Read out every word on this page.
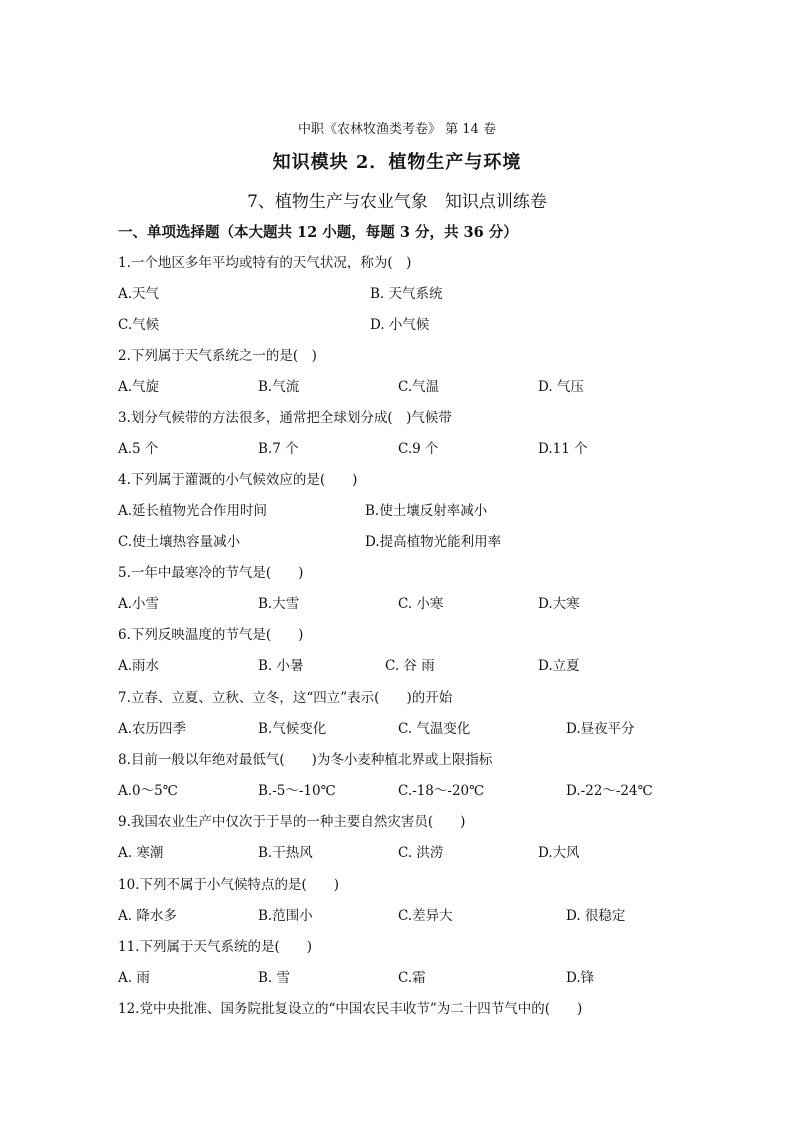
中职《农林牧渔类考卷》 第 14 卷
知识模块 2．植物生产与环境
7、植物生产与农业气象　知识点训练卷
一、单项选择题（本大题共 12 小题，每题 3 分，共 36 分）
1.一个地区多年平均或特有的天气状况，称为(　)
A.天气	B. 天气系统
C.气候	D. 小气候
2.下列属于天气系统之一的是(　)
A.气旋	B.气流	C.气温	D. 气压
3.划分气候带的方法很多，通常把全球划分成(　)气候带
A.5 个	B.7 个	C.9 个	D.11 个
4.下列属于灌溉的小气候效应的是(　　)
A.延长植物光合作用时间	B.使土壤反射率减小
C.使土壤热容量减小	D.提高植物光能利用率
5.一年中最寒冷的节气是(　　)
A.小雪	B.大雪	C. 小寒	D.大寒
6.下列反映温度的节气是(　　)
A.雨水	B. 小暑	C. 谷 雨	D.立夏
7.立春、立夏、立秋、立冬，这“四立”表示(　　)的开始
A.农历四季	B.气候变化	C. 气温变化	D.昼夜平分
8.目前一般以年绝对最低气(　　)为冬小麦种植北界或上限指标
A.0～5℃	B.-5～-10℃	C.-18～-20℃	D.-22～-24℃
9.我国农业生产中仅次于于旱的一种主要自然灾害员(　　)
A. 寒潮	B.干热风	C. 洪涝	D.大风
10.下列不属于小气候特点的是(　　)
A. 降水多	B.范围小	C.差异大	D. 很稳定
11.下列属于天气系统的是(　　)
A. 雨	B. 雪	C.霜	D.锋
12.党中央批准、国务院批复设立的“中国农民丰收节”为二十四节气中的(　　)
